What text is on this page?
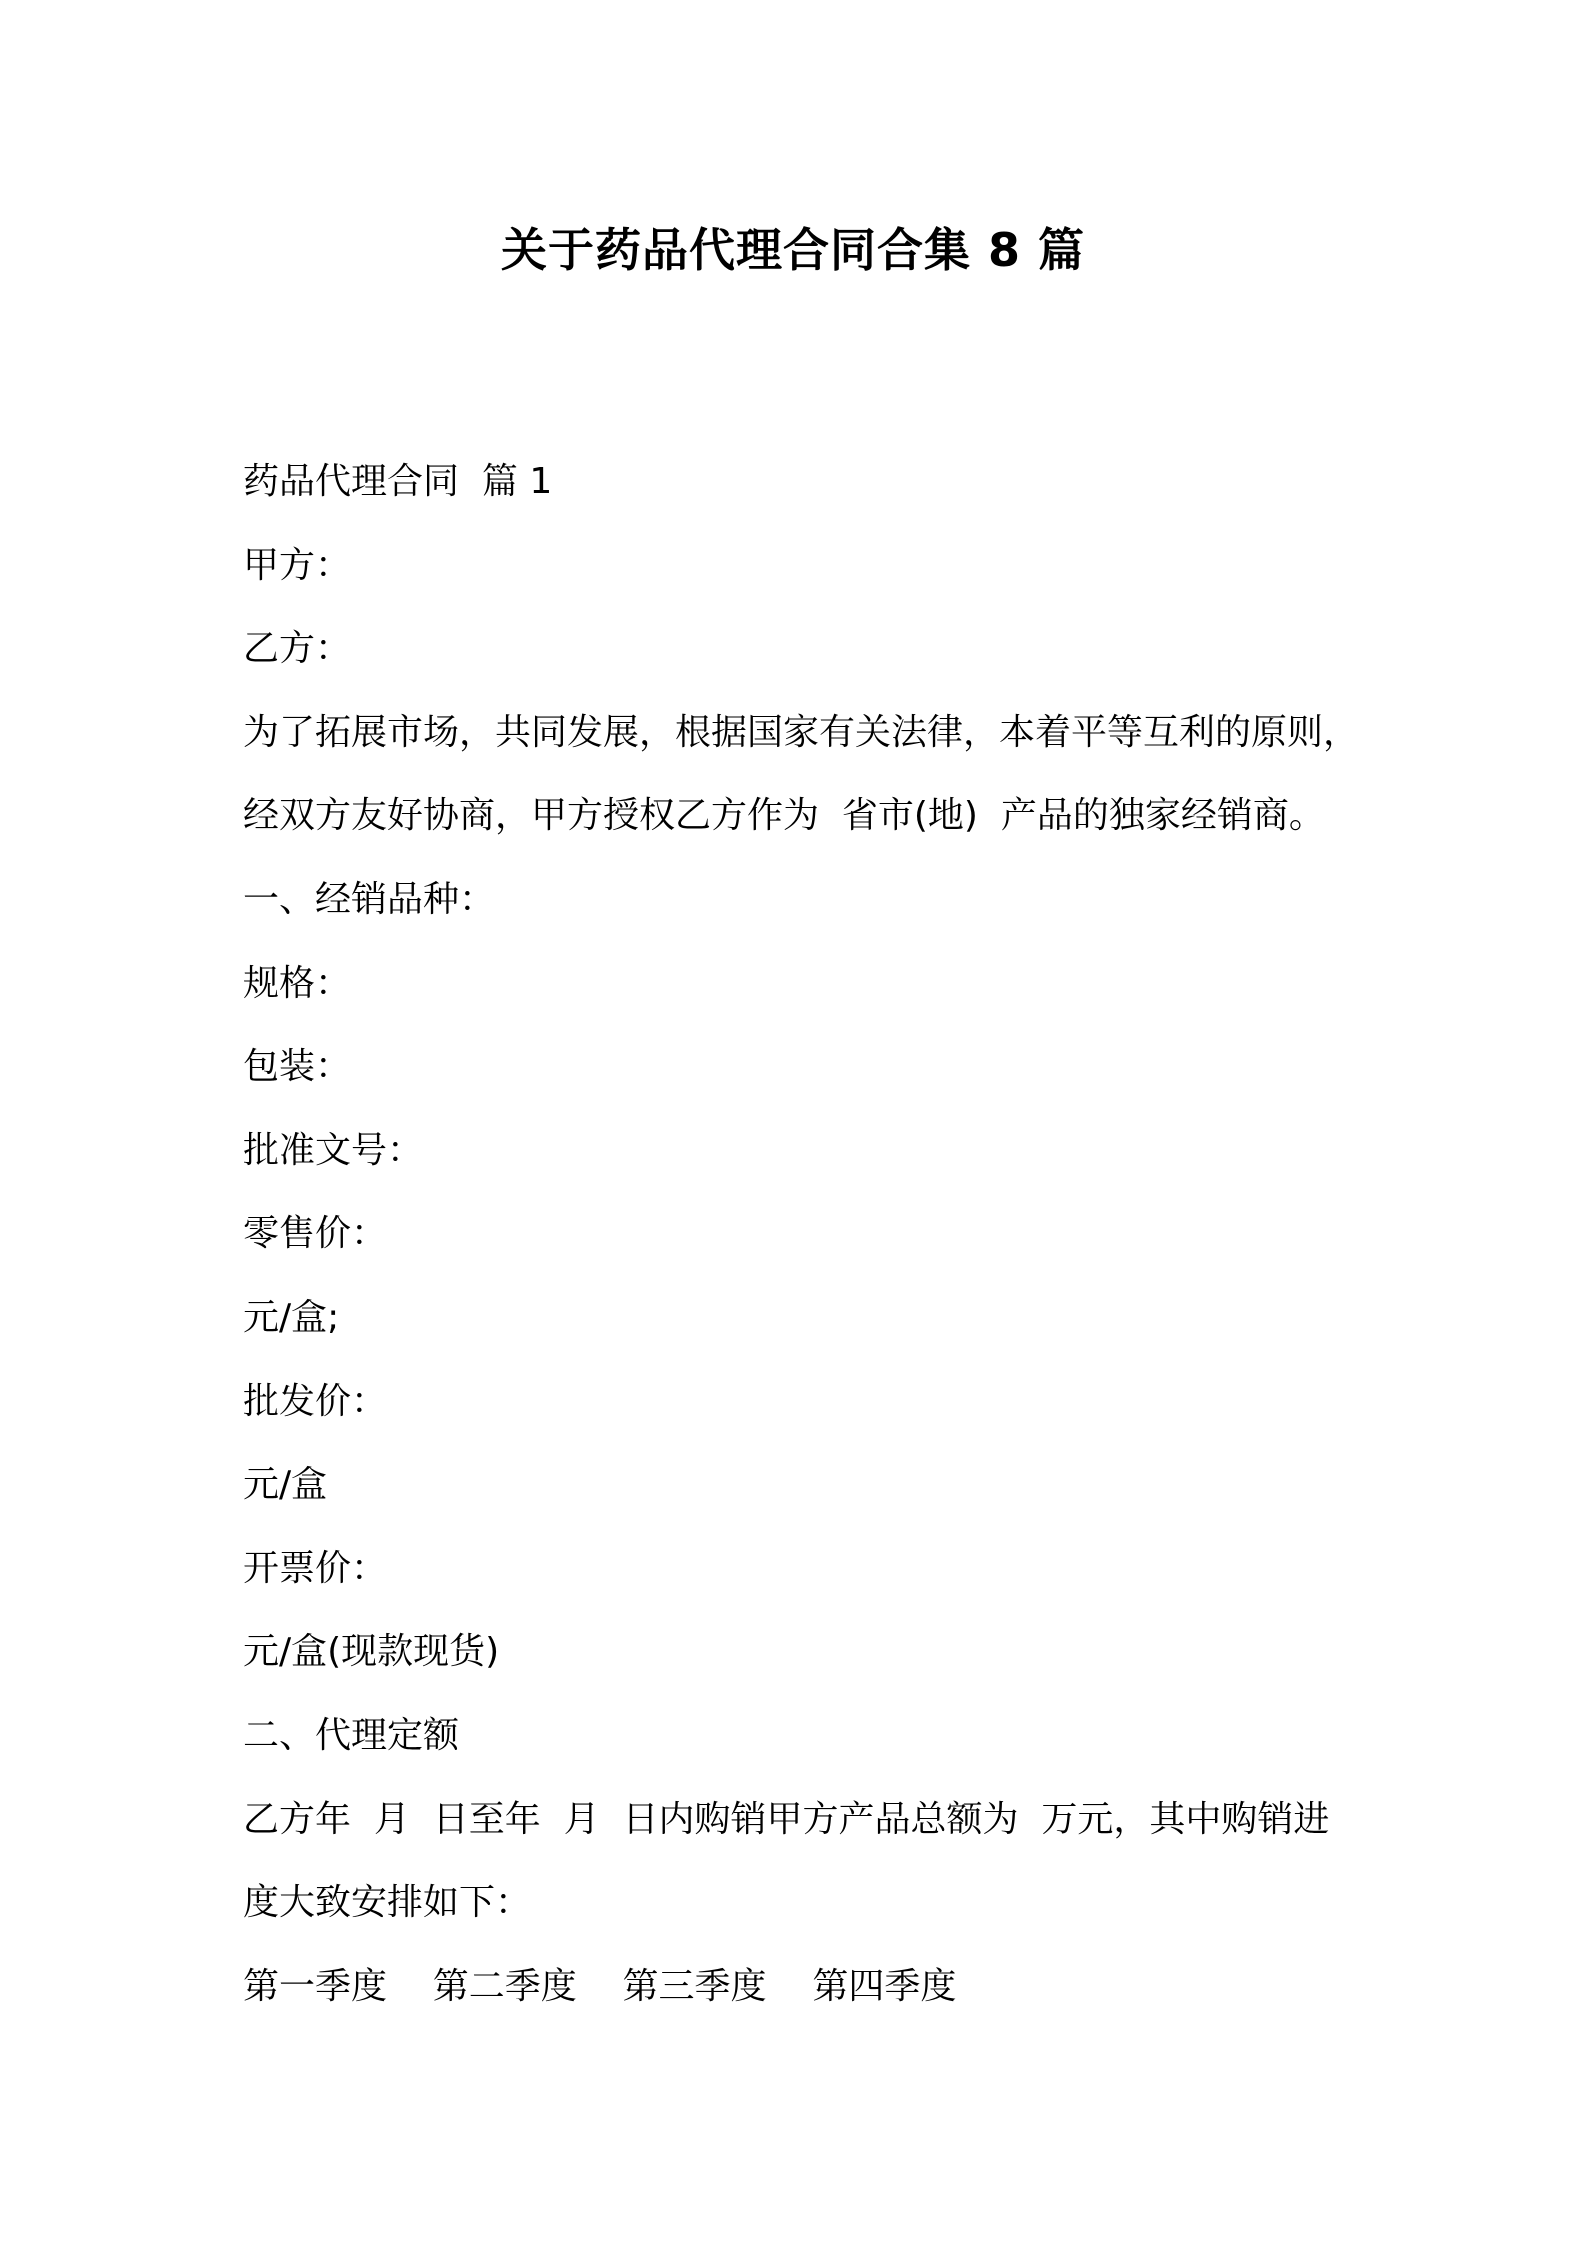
关于药品代理合同合集 8 篇

药品代理合同  篇 1

甲方：

乙方：

为了拓展市场，共同发展，根据国家有关法律，本着平等互利的原则，

经双方友好协商，甲方授权乙方作为  省市(地)  产品的独家经销商。

一、经销品种：

规格：

包装：

批准文号：

零售价：

元/盒;

批发价：

元/盒

开票价：

元/盒(现款现货)

二、代理定额

乙方年  月  日至年  月  日内购销甲方产品总额为  万元，其中购销进

度大致安排如下：

第一季度    第二季度    第三季度    第四季度
